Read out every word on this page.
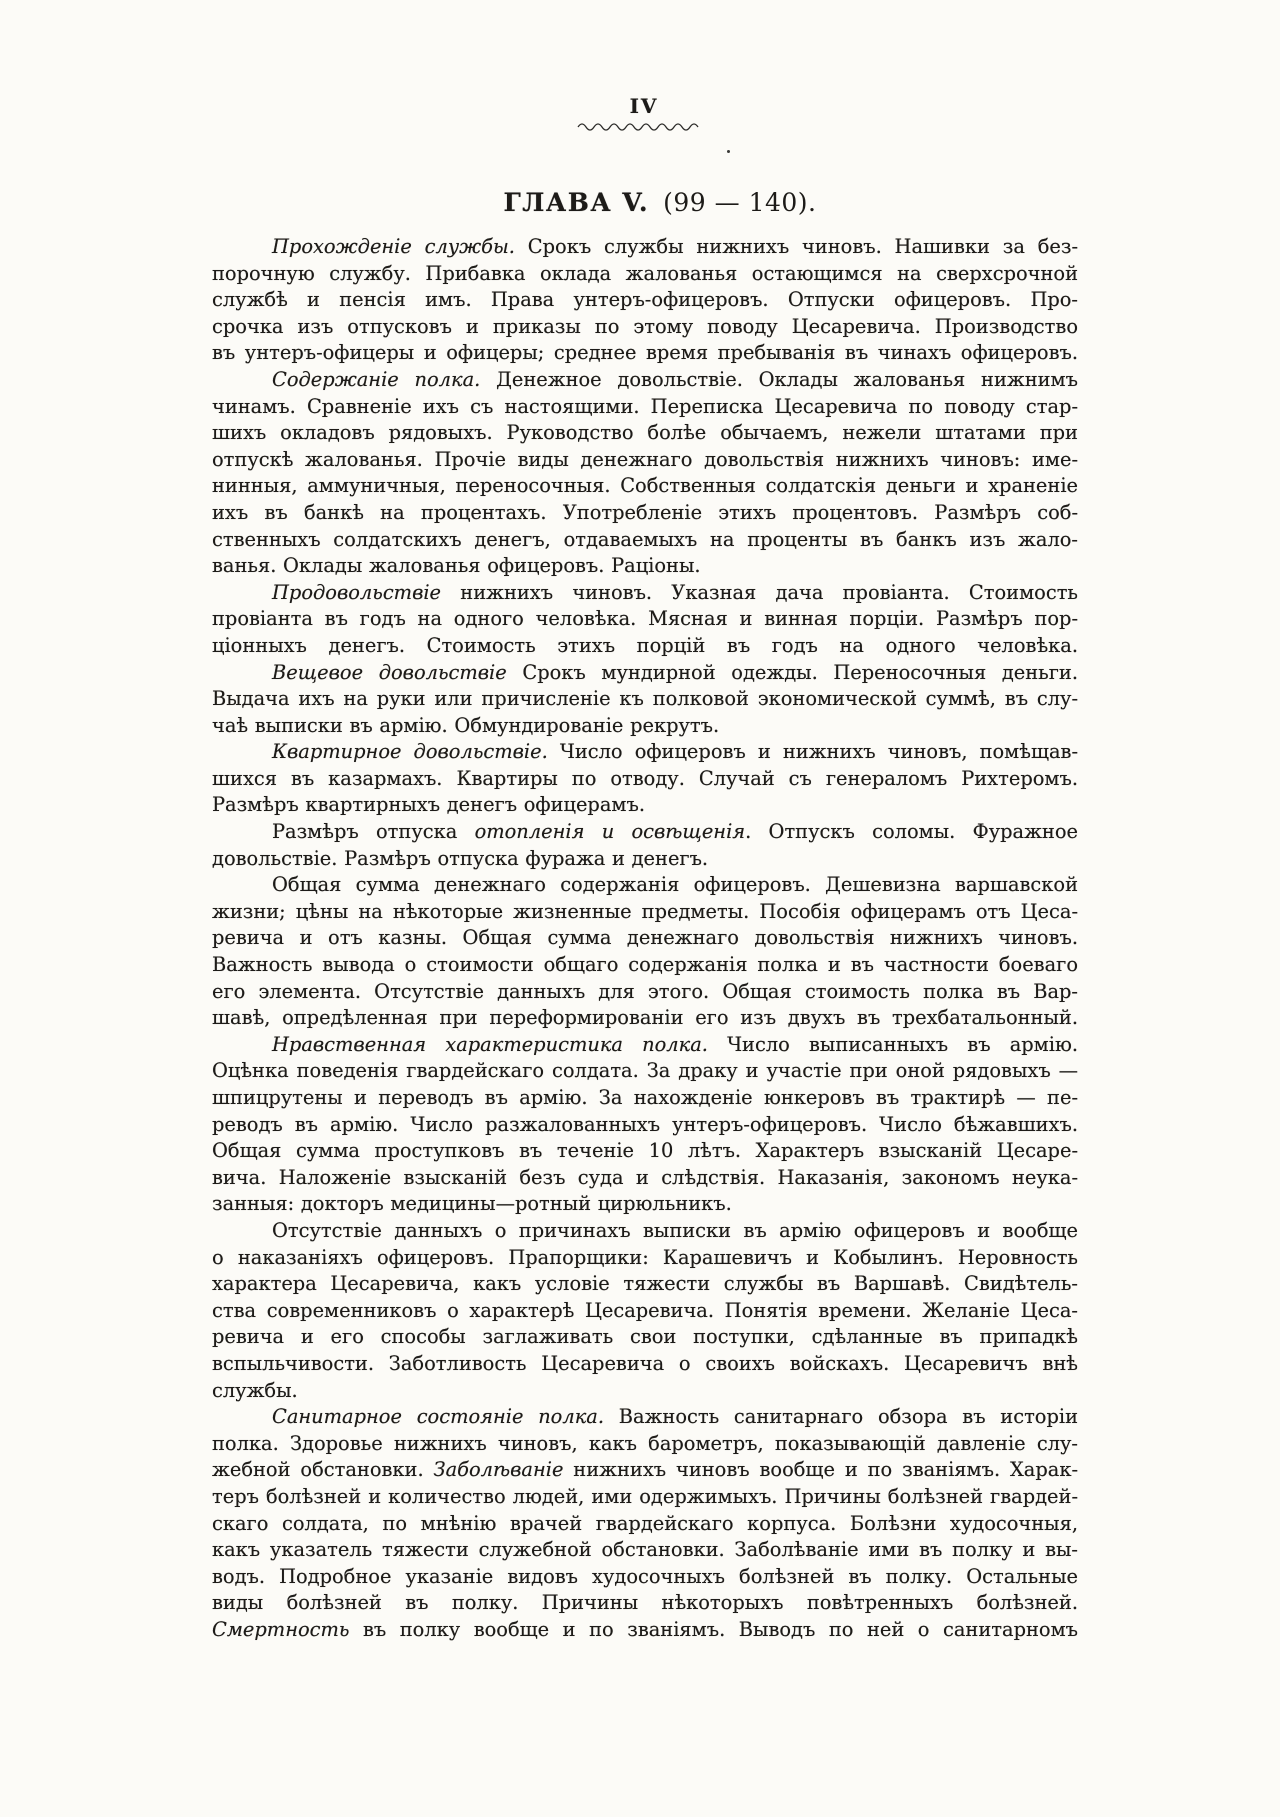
IV
ГЛАВА V. (99 — 140).
Прохожденіе службы. Срокъ службы нижнихъ чиновъ. Нашивки за без-
порочную службу. Прибавка оклада жалованья остающимся на сверхсрочной
службѣ и пенсія имъ. Права унтеръ-офицеровъ. Отпуски офицеровъ. Про-
срочка изъ отпусковъ и приказы по этому поводу Цесаревича. Производство
въ унтеръ-офицеры и офицеры; среднее время пребыванія въ чинахъ офицеровъ.
Содержаніе полка. Денежное довольствіе. Оклады жалованья нижнимъ
чинамъ. Сравненіе ихъ съ настоящими. Переписка Цесаревича по поводу стар-
шихъ окладовъ рядовыхъ. Руководство болѣе обычаемъ, нежели штатами при
отпускѣ жалованья. Прочіе виды денежнаго довольствія нижнихъ чиновъ: име-
нинныя, аммуничныя, переносочныя. Собственныя солдатскія деньги и храненіе
ихъ въ банкѣ на процентахъ. Употребленіе этихъ процентовъ. Размѣръ соб-
ственныхъ солдатскихъ денегъ, отдаваемыхъ на проценты въ банкъ изъ жало-
ванья. Оклады жалованья офицеровъ. Раціоны.
Продовольствіе нижнихъ чиновъ. Указная дача провіанта. Стоимость
провіанта въ годъ на одного человѣка. Мясная и винная порціи. Размѣръ пор-
ціонныхъ денегъ. Стоимость этихъ порцій въ годъ на одного человѣка.
Вещевое довольствіе Срокъ мундирной одежды. Переносочныя деньги.
Выдача ихъ на руки или причисленіе къ полковой экономической суммѣ, въ слу-
чаѣ выписки въ армію. Обмундированіе рекрутъ.
Квартирное довольствіе. Число офицеровъ и нижнихъ чиновъ, помѣщав-
шихся въ казармахъ. Квартиры по отводу. Случай съ генераломъ Рихтеромъ.
Размѣръ квартирныхъ денегъ офицерамъ.
Размѣръ отпуска отопленія и освѣщенія. Отпускъ соломы. Фуражное
довольствіе. Размѣръ отпуска фуража и денегъ.
Общая сумма денежнаго содержанія офицеровъ. Дешевизна варшавской
жизни; цѣны на нѣкоторые жизненные предметы. Пособія офицерамъ отъ Цеса-
ревича и отъ казны. Общая сумма денежнаго довольствія нижнихъ чиновъ.
Важность вывода о стоимости общаго содержанія полка и въ частности боеваго
его элемента. Отсутствіе данныхъ для этого. Общая стоимость полка въ Вар-
шавѣ, опредѣленная при переформированіи его изъ двухъ въ трехбатальонный.
Нравственная характеристика полка. Число выписанныхъ въ армію.
Оцѣнка поведенія гвардейскаго солдата. За драку и участіе при оной рядовыхъ —
шпицрутены и переводъ въ армію. За нахожденіе юнкеровъ въ трактирѣ — пе-
реводъ въ армію. Число разжалованныхъ унтеръ-офицеровъ. Число бѣжавшихъ.
Общая сумма проступковъ въ теченіе 10 лѣтъ. Характеръ взысканій Цесаре-
вича. Наложеніе взысканій безъ суда и слѣдствія. Наказанія, закономъ неука-
занныя: докторъ медицины—ротный цирюльникъ.
Отсутствіе данныхъ о причинахъ выписки въ армію офицеровъ и вообще
о наказаніяхъ офицеровъ. Прапорщики: Карашевичъ и Кобылинъ. Неровность
характера Цесаревича, какъ условіе тяжести службы въ Варшавѣ. Свидѣтель-
ства современниковъ о характерѣ Цесаревича. Понятія времени. Желаніе Цеса-
ревича и его способы заглаживать свои поступки, сдѣланные въ припадкѣ
вспыльчивости. Заботливость Цесаревича о своихъ войскахъ. Цесаревичъ внѣ
службы.
Санитарное состояніе полка. Важность санитарнаго обзора въ исторіи
полка. Здоровье нижнихъ чиновъ, какъ барометръ, показывающій давленіе слу-
жебной обстановки. Заболѣваніе нижнихъ чиновъ вообще и по званіямъ. Харак-
теръ болѣзней и количество людей, ими одержимыхъ. Причины болѣзней гвардей-
скаго солдата, по мнѣнію врачей гвардейскаго корпуса. Болѣзни худосочныя,
какъ указатель тяжести служебной обстановки. Заболѣваніе ими въ полку и вы-
водъ. Подробное указаніе видовъ худосочныхъ болѣзней въ полку. Остальные
виды болѣзней въ полку. Причины нѣкоторыхъ повѣтренныхъ болѣзней.
Смертность въ полку вообще и по званіямъ. Выводъ по ней о санитарномъ
